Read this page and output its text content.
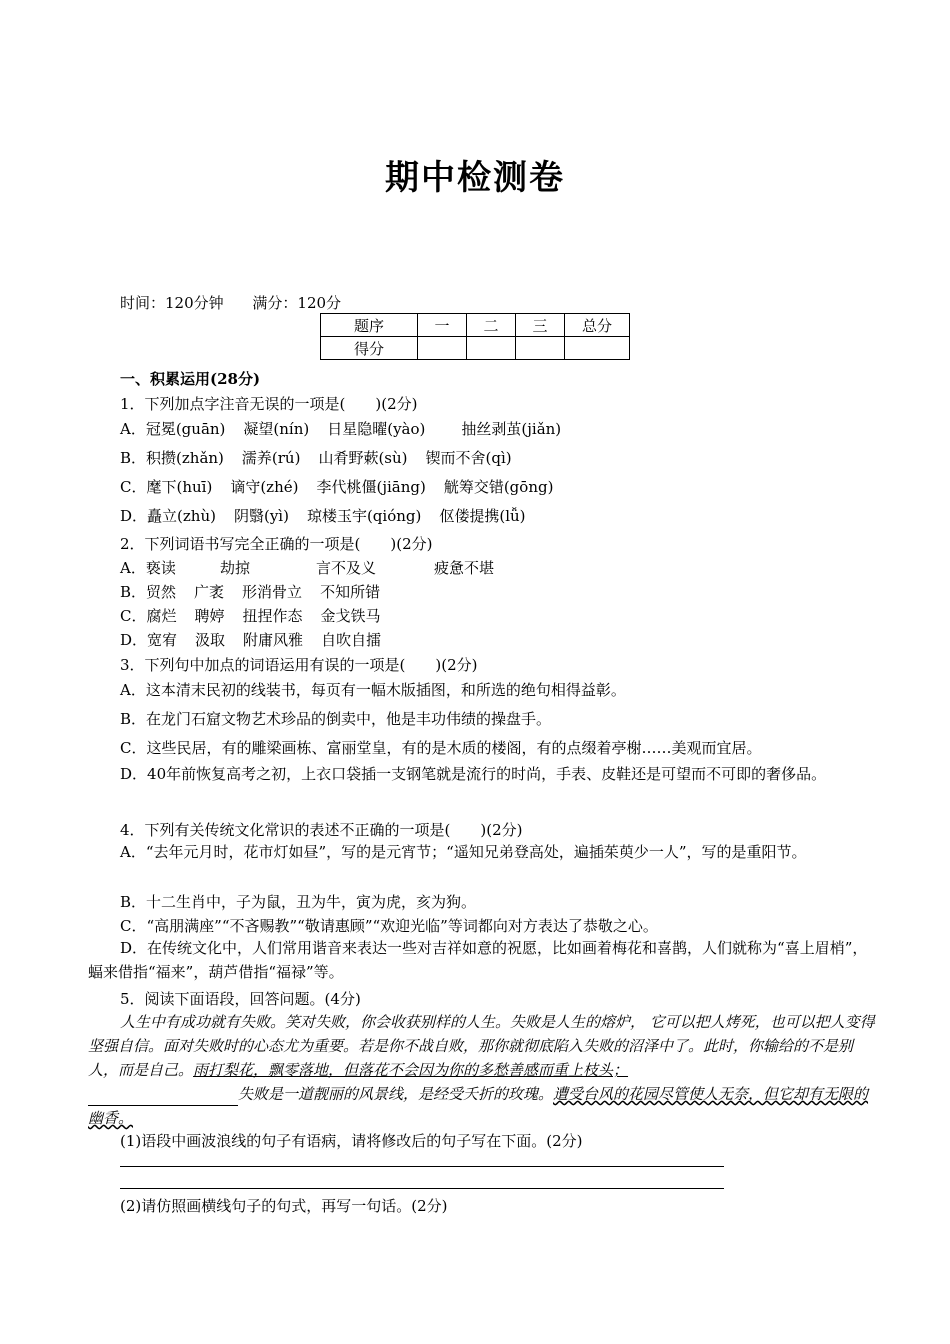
期中检测卷
时间：120分钟 满分：120分
题序	一	二	三	总分
得分				
一、积累运用(28分)
1．下列加点字注音无误的一项是(　　)(2分)
A．冠冕(guān) 凝望(nín) 日星隐曜(yào) 抽丝剥茧(jiǎn)
B．积攒(zhǎn) 濡养(rú) 山肴野蔌(sù) 锲而不舍(qì)
C．麾下(huī) 谪守(zhé) 李代桃僵(jiāng) 觥筹交错(gōng)
D．矗立(zhù) 阴翳(yì) 琼楼玉宇(qióng) 伛偻提携(lǚ)
2．下列词语书写完全正确的一项是(　　)(2分)
A．亵读	劫掠	言不及义	疲惫不堪
B．贸然 广袤 形消骨立 不知所错
C．腐烂 聘婷 扭捏作态 金戈铁马
D．宽宥 汲取 附庸风雅 自吹自擂
3．下列句中加点的词语运用有误的一项是(　　)(2分)
A．这本清末民初的线装书，每页有一幅木版插图，和所选的绝句相得益彰。
B．在龙门石窟文物艺术珍品的倒卖中，他是丰功伟绩的操盘手。
C．这些民居，有的雕梁画栋、富丽堂皇，有的是木质的楼阁，有的点缀着亭榭……美观而宜居。
D．40年前恢复高考之初，上衣口袋插一支钢笔就是流行的时尚，手表、皮鞋还是可望而不可即的奢侈品。
4．下列有关传统文化常识的表述不正确的一项是(　　)(2分)
A．“去年元月时，花市灯如昼”，写的是元宵节；“遥知兄弟登高处，遍插茱萸少一人”，写的是重阳节。
B．十二生肖中，子为鼠，丑为牛，寅为虎，亥为狗。
C．“高朋满座”“不吝赐教”“敬请惠顾”“欢迎光临”等词都向对方表达了恭敬之心。
D．在传统文化中，人们常用谐音来表达一些对吉祥如意的祝愿，比如画着梅花和喜鹊，人们就称为“喜上眉梢”，蝠来借指“福来”，葫芦借指“福禄”等。
5．阅读下面语段，回答问题。(4分)
人生中有成功就有失败。笑对失败，你会收获别样的人生。失败是人生的熔炉， 它可以把人烤死，也可以把人变得坚强自信。面对失败时的心态尤为重要。若是你不战自败，那你就彻底陷入失败的沼泽中了。此时，你输给的不是别人，而是自己。雨打梨花，飘零落地，但落花不会因为你的多愁善感而重上枝头；
失败是一道靓丽的风景线，是经受夭折的玫瑰。遭受台风的花园尽管使人无奈，但它却有无限的幽香。
(1)语段中画波浪线的句子有语病，请将修改后的句子写在下面。(2分)
(2)请仿照画横线句子的句式，再写一句话。(2分)
